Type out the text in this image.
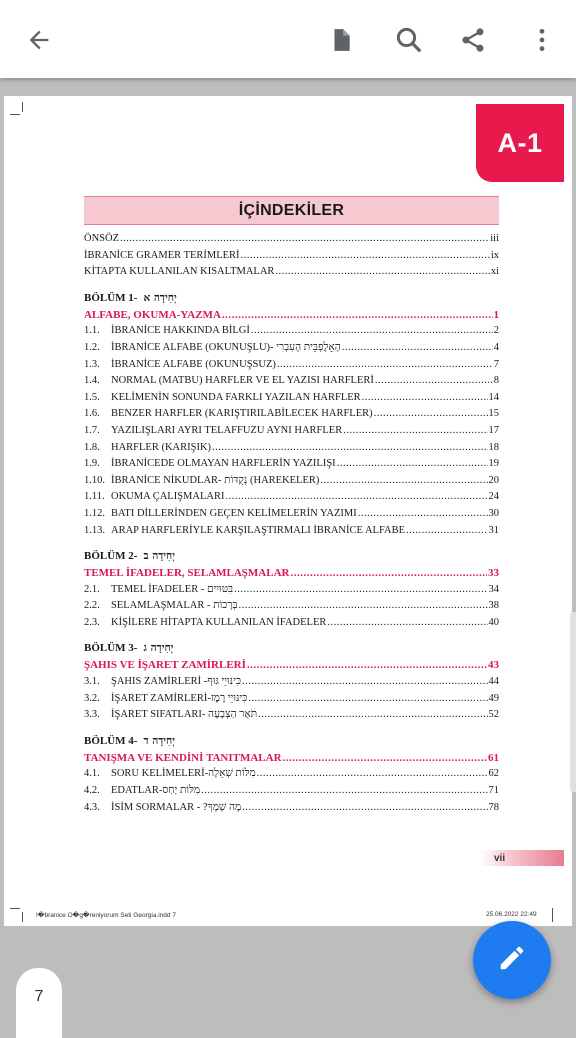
A-1
İÇİNDEKİLER
ÖNSÖZ .....	iii
İBRANİCE GRAMER TERİMLERİ .....	ix
KİTAPTA KULLANILAN KISALTMALAR .....	xi
BÖLÜM 1- יְחִידָה א
ALFABE, OKUMA-YAZMA .....	1
1.1.	İBRANİCE HAKKINDA BİLGİ .....	2
1.2.	İBRANİCE ALFABE (OKUNUŞLU)- הָאָלֶפְבֵּית הָעִבְרִי .....	4
1.3.	İBRANİCE ALFABE (OKUNUŞSUZ) .....	7
1.4.	NORMAL (MATBU) HARFLER VE EL YAZISI HARFLERİ .....	8
1.5.	KELİMENİN SONUNDA FARKLI YAZILAN HARFLER .....	14
1.6.	BENZER HARFLER (KARIŞTIRILABİLECEK HARFLER) .....	15
1.7.	YAZILIŞLARI AYRI TELAFFUZU AYNI HARFLER .....	17
1.8.	HARFLER (KARIŞIK) .....	18
1.9.	İBRANİCEDE OLMAYAN HARFLERİN YAZILIŞI .....	19
1.10. İBRANİCE NİKUDLAR- נְקֻדּוֹת (HAREKELER) .....	20
1.11. OKUMA ÇALIŞMALARI .....	24
1.12. BATI DİLLERİNDEN GEÇEN KELİMELERİN YAZIMI .....	30
1.13. ARAP HARFLERİYLE KARŞILAŞTIRMALI İBRANİCE ALFABE .....	31
BÖLÜM 2- יְחִידָה ב
TEMEL İFADELER, SELAMLAŞMALAR .....	33
2.1.	TEMEL İFADELER - בִּטּוּיִים .....	34
2.2.	SELAMLAŞMALAR - בְּרָכוֹת .....	38
2.3.	KİŞİLERE HİTAPTA KULLANILAN İFADELER .....	40
BÖLÜM 3- יְחִידָה ג
ŞAHIS VE İŞARET ZAMİRLERİ .....	43
3.1.	ŞAHIS ZAMİRLERİ -כִּינּוּיֵי גּוּף .....	44
3.2.	İŞARET ZAMİRLERİ-כִּינּוּיֵי רֶמֶז .....	49
3.3.	İŞARET SIFATLARI- תֹּאַר הַצְבָעָה .....	52
BÖLÜM 4- יְחִידָה ד
TANIŞMA VE KENDİNİ TANITMALAR .....	61
4.1.	SORU KELİMELERİ-מִלּוֹת שְׁאֵלָה .....	62
4.2.	EDATLAR-מִלּוֹת יַחַס .....	71
4.3.	İSİM SORMALAR - ?מָה שְׁמְךָ .....	78
vii
I�branice O�g�reniyorum Seti Georgia.indd 7	25.06.2022 22:49
7
